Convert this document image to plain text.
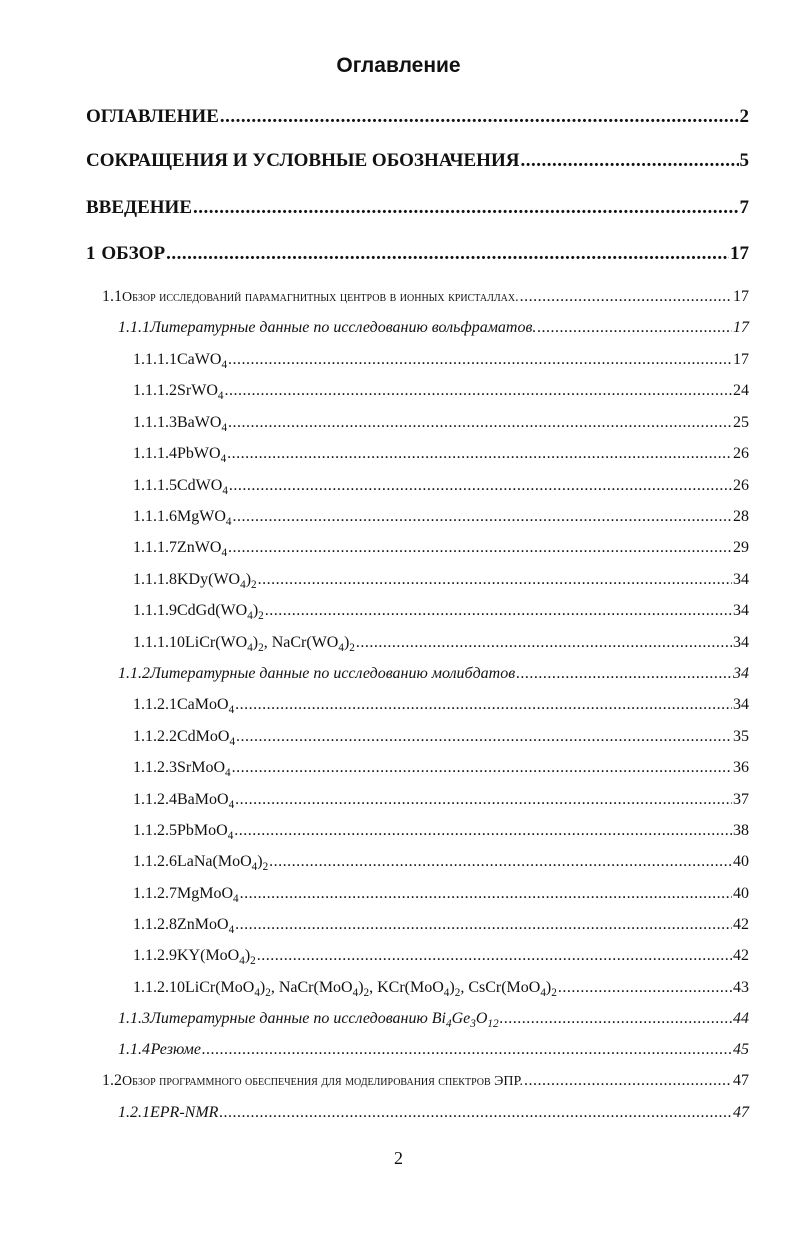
Оглавление
ОГЛАВЛЕНИЕ .....	2
СОКРАЩЕНИЯ И УСЛОВНЫЕ ОБОЗНАЧЕНИЯ .....	5
ВВЕДЕНИЕ .....	7
1 ОБЗОР .....	17
1.1 Обзор исследований парамагнитных центров в ионных кристаллах. .....	17
1.1.1 Литературные данные по исследованию вольфраматов. .....	17
1.1.1.1 CaWO$_4$ .....	17
1.1.1.2 SrWO$_4$ .....	24
1.1.1.3 BaWO$_4$ .....	25
1.1.1.4 PbWO$_4$ .....	26
1.1.1.5 CdWO$_4$ .....	26
1.1.1.6 MgWO$_4$ .....	28
1.1.1.7 ZnWO$_4$ .....	29
1.1.1.8 $KDy(WO_4)_2$ .....	34
1.1.1.9 $CdGd(WO_4)_2$ .....	34
1.1.1.10 $LiCr(WO_4)_2$, $NaCr(WO_4)_2$ .....	34
1.1.2 Литературные данные по исследованию молибдатов .....	34
1.1.2.1 CaMoO$_4$ .....	34
1.1.2.2 CdMoO$_4$ .....	35
1.1.2.3 SrMoO$_4$ .....	36
1.1.2.4 BaMoO$_4$ .....	37
1.1.2.5 PbMoO$_4$ .....	38
1.1.2.6 $LaNa(MoO_4)_2$ .....	40
1.1.2.7 MgMoO$_4$ .....	40
1.1.2.8 ZnMoO$_4$ .....	42
1.1.2.9 $KY(MoO_4)_2$ .....	42
1.1.2.10 $LiCr(MoO_4)_2$, $NaCr(MoO_4)_2$, $KCr(MoO_4)_2$, $CsCr(MoO_4)_2$ .....	43
1.1.3 Литературные данные по исследованию $Bi_4Ge_3O_{12}$ .....	44
1.1.4 Резюме .....	45
1.2 Обзор программного обеспечения для моделирования спектров ЭПР. .....	47
1.2.1 EPR-NMR .....	47
2
